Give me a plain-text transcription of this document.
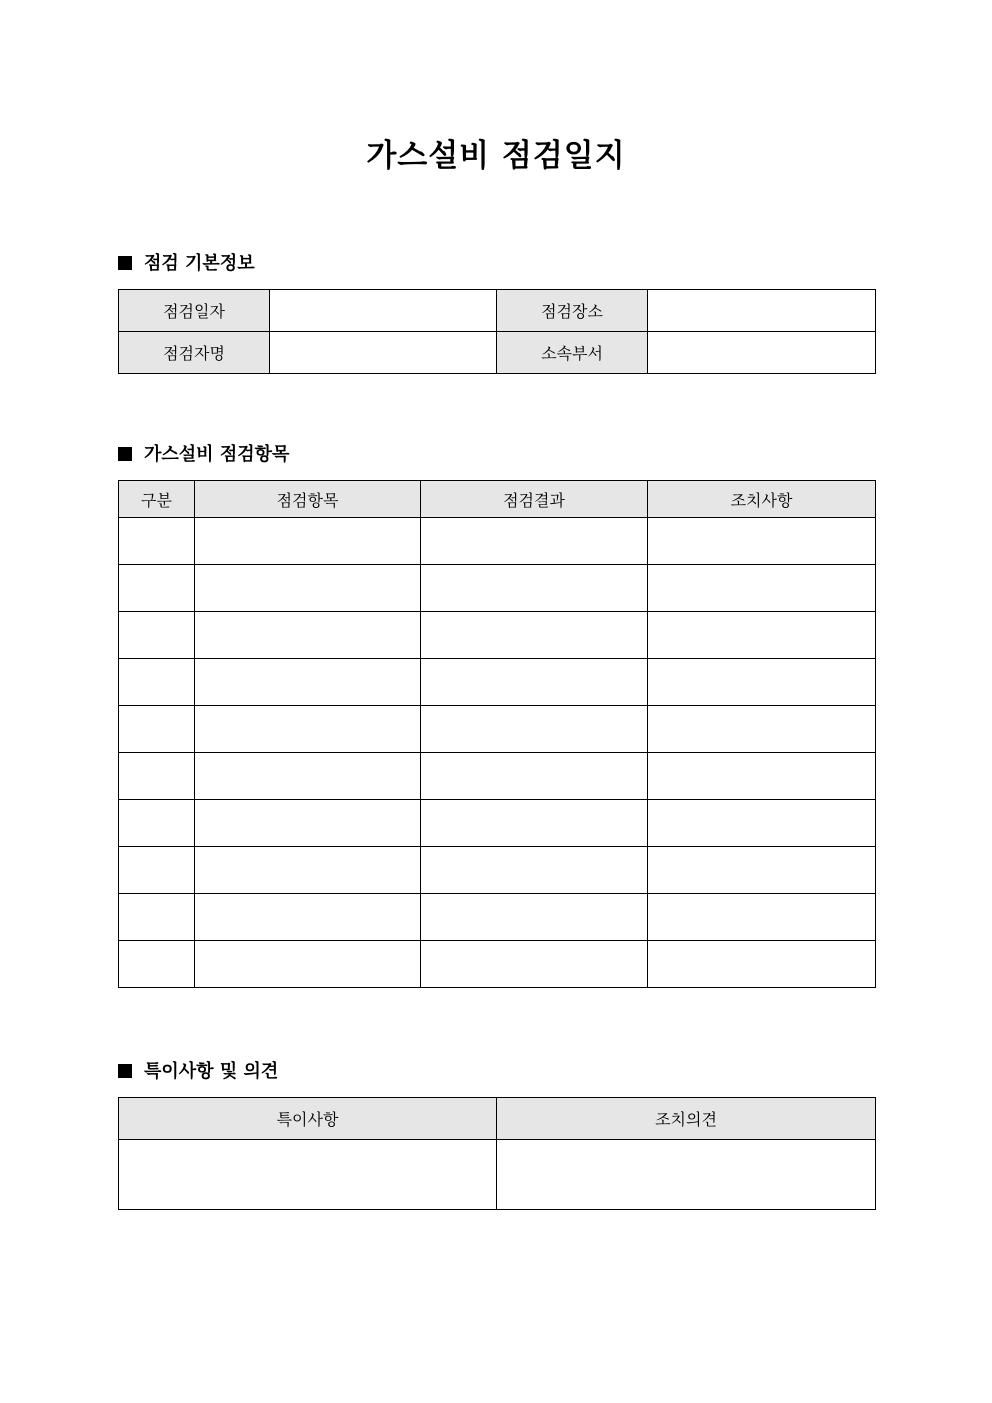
가스설비 점검일지
점검 기본정보
점검일자		점검장소	
점검자명		소속부서	
가스설비 점검항목
구분	점검항목	점검결과	조치사항

특이사항 및 의견
특이사항	조치의견
